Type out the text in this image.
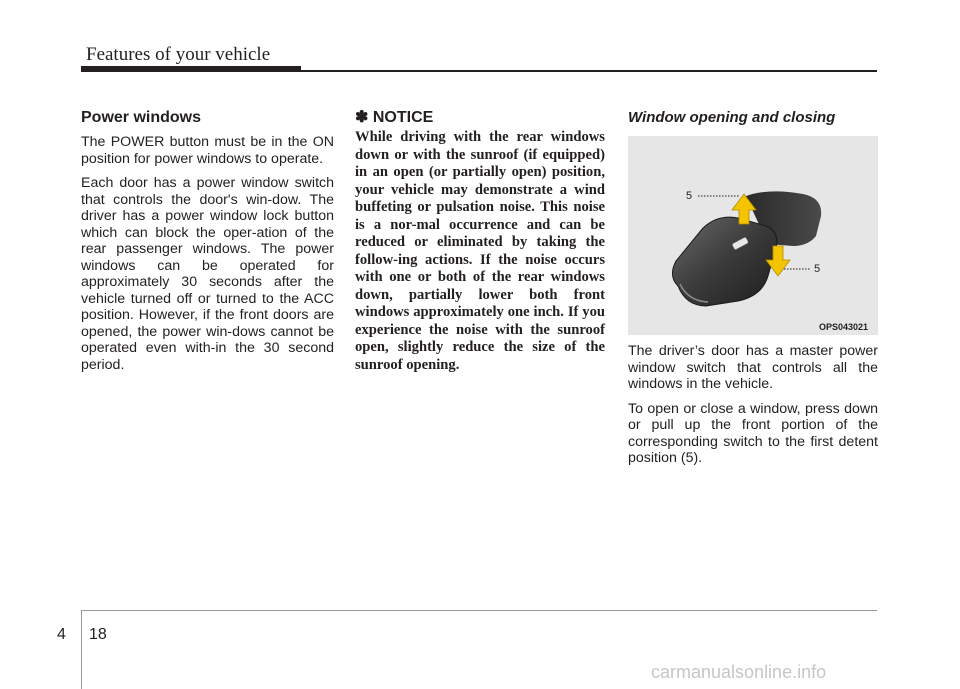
Features of your vehicle
Power windows

The POWER button must be in the ON position for power windows to operate.

Each door has a power window switch that controls the door's win-dow. The driver has a power window lock button which can block the oper-ation of the rear passenger windows. The power windows can be operated for approximately 30 seconds after the vehicle turned off or turned to the ACC position. However, if the front doors are opened, the power win-dows cannot be operated even with-in the 30 second period.

✽ NOTICE

While driving with the rear windows down or with the sunroof (if equipped) in an open (or partially open) position, your vehicle may demonstrate a wind buffeting or pulsation noise. This noise is a nor-mal occurrence and can be reduced or eliminated by taking the follow-ing actions. If the noise occurs with one or both of the rear windows down, partially lower both front windows approximately one inch. If you experience the noise with the sunroof open, slightly reduce the size of the sunroof opening.

Window opening and closing
5
5
OPS043021

The driver’s door has a master power window switch that controls all the windows in the vehicle.

To open or close a window, press down or pull up the front portion of the corresponding switch to the first detent position (5).

4 18
carmanualsonline.info
